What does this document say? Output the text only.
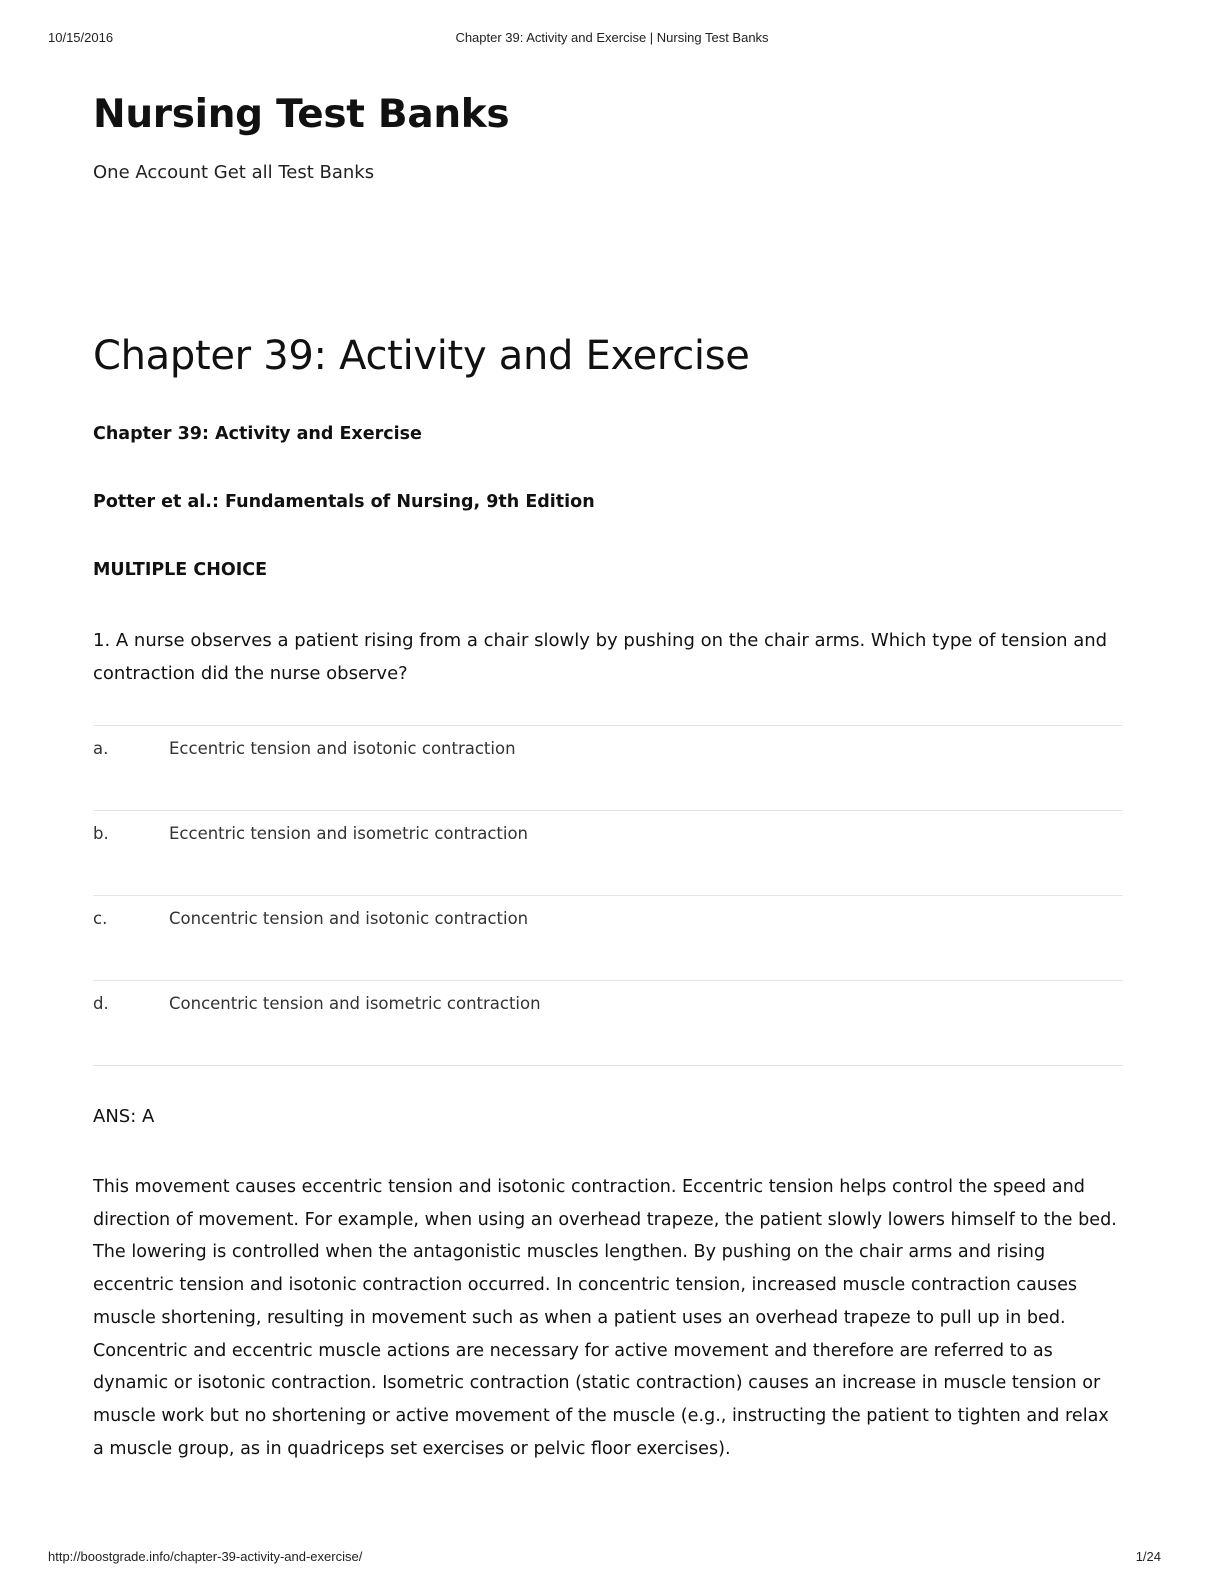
10/15/2016	Chapter 39: Activity and Exercise | Nursing Test Banks
Nursing Test Banks
One Account Get all Test Banks
Chapter 39: Activity and Exercise
Chapter 39: Activity and Exercise
Potter et al.: Fundamentals of Nursing, 9th Edition
MULTIPLE CHOICE
1. A nurse observes a patient rising from a chair slowly by pushing on the chair arms. Which type of tension and contraction did the nurse observe?
a.	Eccentric tension and isotonic contraction
b.	Eccentric tension and isometric contraction
c.	Concentric tension and isotonic contraction
d.	Concentric tension and isometric contraction
ANS: A
This movement causes eccentric tension and isotonic contraction. Eccentric tension helps control the speed and direction of movement. For example, when using an overhead trapeze, the patient slowly lowers himself to the bed. The lowering is controlled when the antagonistic muscles lengthen. By pushing on the chair arms and rising eccentric tension and isotonic contraction occurred. In concentric tension, increased muscle contraction causes muscle shortening, resulting in movement such as when a patient uses an overhead trapeze to pull up in bed. Concentric and eccentric muscle actions are necessary for active movement and therefore are referred to as dynamic or isotonic contraction. Isometric contraction (static contraction) causes an increase in muscle tension or muscle work but no shortening or active movement of the muscle (e.g., instructing the patient to tighten and relax a muscle group, as in quadriceps set exercises or pelvic floor exercises).
http://boostgrade.info/chapter-39-activity-and-exercise/	1/24
